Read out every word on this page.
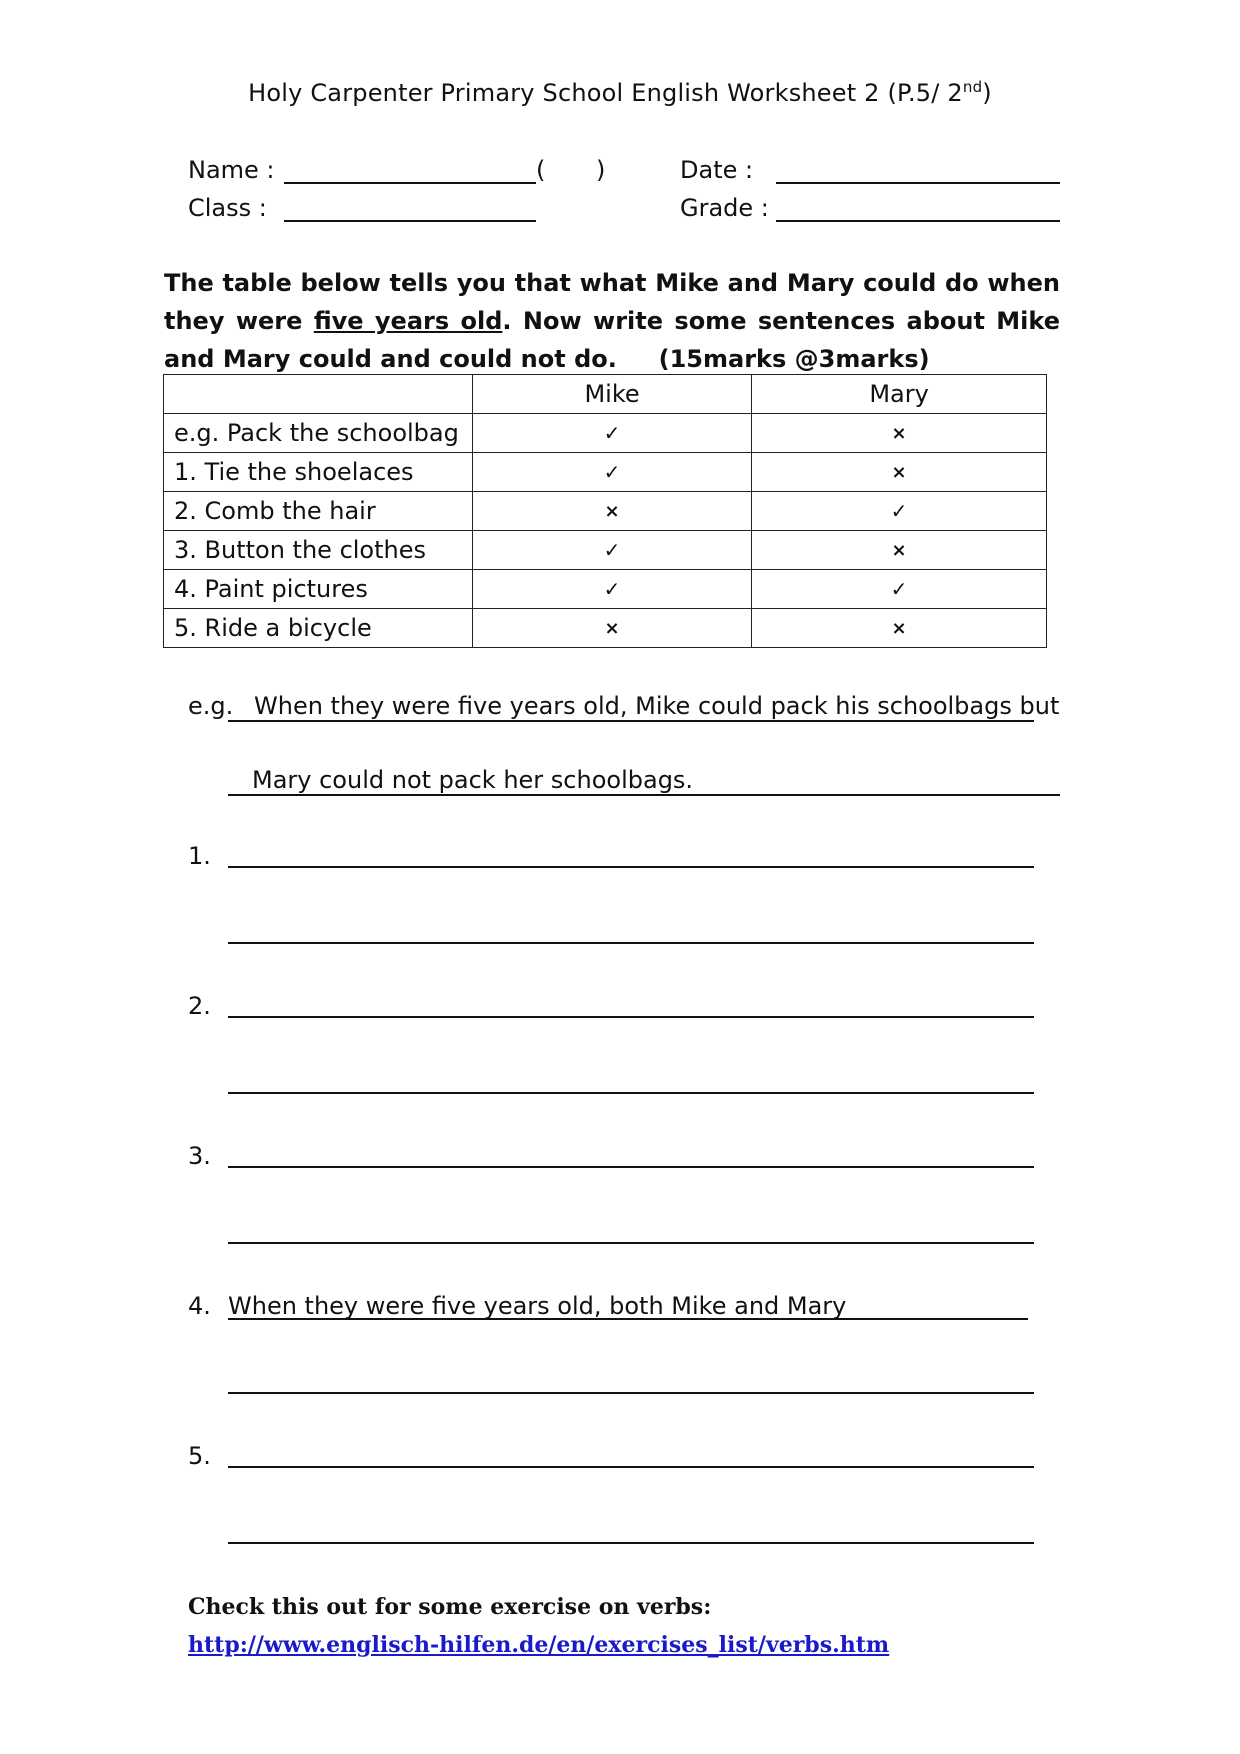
Holy Carpenter Primary School English Worksheet 2 (P.5/ 2nd)
Name :	( )	Date :
Class :	Grade :
The table below tells you that what Mike and Mary could do when they were five years old. Now write some sentences about Mike and Mary could and could not do. (15marks @3marks)
	Mike	Mary
e.g. Pack the schoolbag	✓	×
1. Tie the shoelaces	✓	×
2. Comb the hair	×	✓
3. Button the clothes	✓	×
4. Paint pictures	✓	✓
5. Ride a bicycle	×	×
e.g. When they were five years old, Mike could pack his schoolbags but
Mary could not pack her schoolbags.
1.
2.
3.
4. When they were five years old, both Mike and Mary
5.
Check this out for some exercise on verbs:
http://www.englisch-hilfen.de/en/exercises_list/verbs.htm
